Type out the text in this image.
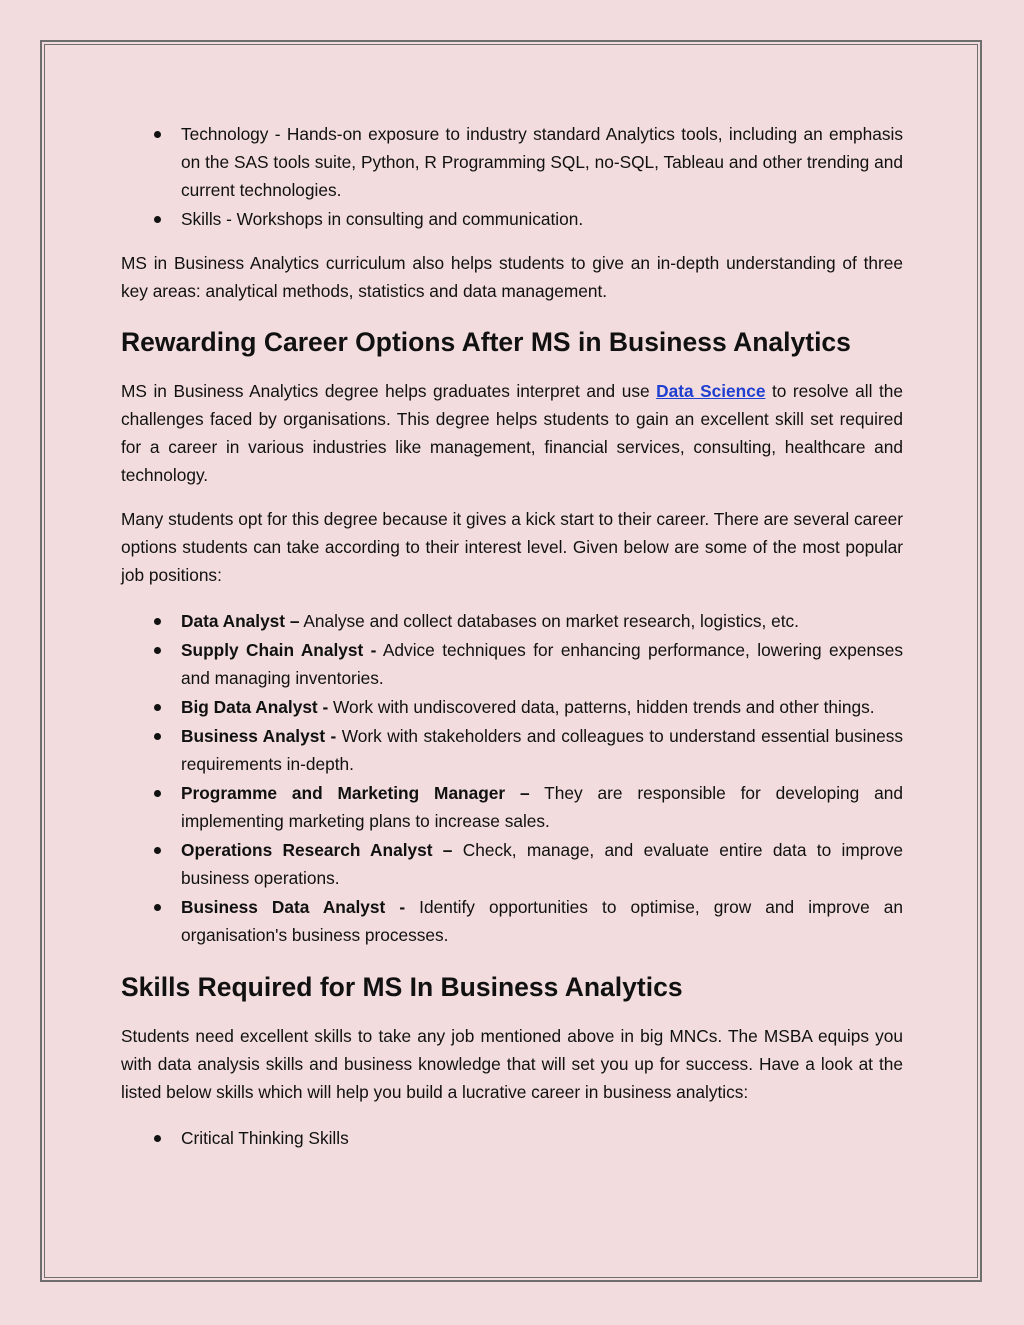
Technology - Hands-on exposure to industry standard Analytics tools, including an emphasis on the SAS tools suite, Python, R Programming SQL, no-SQL, Tableau and other trending and current technologies.
Skills - Workshops in consulting and communication.

MS in Business Analytics curriculum also helps students to give an in-depth understanding of three key areas: analytical methods, statistics and data management.

Rewarding Career Options After MS in Business Analytics

MS in Business Analytics degree helps graduates interpret and use Data Science to resolve all the challenges faced by organisations. This degree helps students to gain an excellent skill set required for a career in various industries like management, financial services, consulting, healthcare and technology.

Many students opt for this degree because it gives a kick start to their career. There are several career options students can take according to their interest level. Given below are some of the most popular job positions:

Data Analyst – Analyse and collect databases on market research, logistics, etc.
Supply Chain Analyst - Advice techniques for enhancing performance, lowering expenses and managing inventories.
Big Data Analyst - Work with undiscovered data, patterns, hidden trends and other things.
Business Analyst - Work with stakeholders and colleagues to understand essential business requirements in-depth.
Programme and Marketing Manager – They are responsible for developing and implementing marketing plans to increase sales.
Operations Research Analyst – Check, manage, and evaluate entire data to improve business operations.
Business Data Analyst - Identify opportunities to optimise, grow and improve an organisation's business processes.
Skills Required for MS In Business Analytics

Students need excellent skills to take any job mentioned above in big MNCs. The MSBA equips you with data analysis skills and business knowledge that will set you up for success. Have a look at the listed below skills which will help you build a lucrative career in business analytics:

Critical Thinking Skills
